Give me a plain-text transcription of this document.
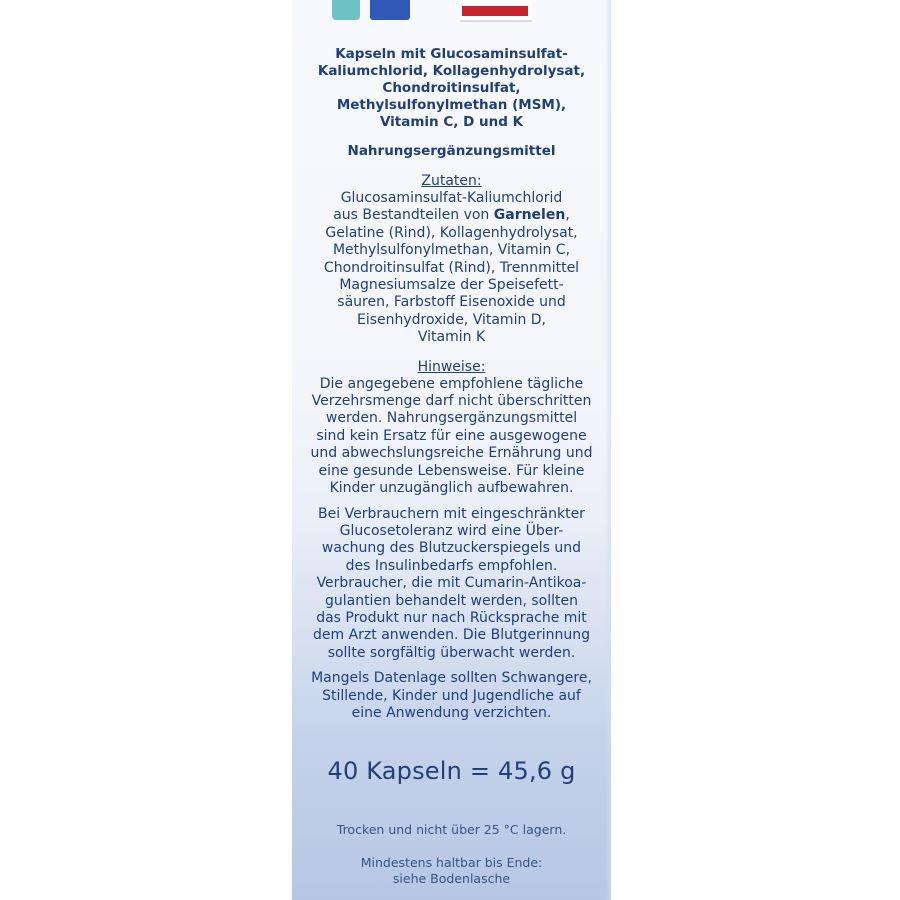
Kapseln mit Glucosaminsulfat-
Kaliumchlorid, Kollagenhydrolysat,
Chondroitinsulfat,
Methylsulfonylmethan (MSM),
Vitamin C, D und K
Nahrungsergänzungsmittel
Zutaten:
Glucosaminsulfat-Kaliumchlorid
aus Bestandteilen von Garnelen,
Gelatine (Rind), Kollagenhydrolysat,
Methylsulfonylmethan, Vitamin C,
Chondroitinsulfat (Rind), Trennmittel
Magnesiumsalze der Speisefett-
säuren, Farbstoff Eisenoxide und
Eisenhydroxide, Vitamin D,
Vitamin K
Hinweise:
Die angegebene empfohlene tägliche
Verzehrsmenge darf nicht überschritten
werden. Nahrungsergänzungsmittel
sind kein Ersatz für eine ausgewogene
und abwechslungsreiche Ernährung und
eine gesunde Lebensweise. Für kleine
Kinder unzugänglich aufbewahren.
Bei Verbrauchern mit eingeschränkter
Glucosetoleranz wird eine Über-
wachung des Blutzuckerspiegels und
des Insulinbedarfs empfohlen.
Verbraucher, die mit Cumarin-Antikoa-
gulantien behandelt werden, sollten
das Produkt nur nach Rücksprache mit
dem Arzt anwenden. Die Blutgerinnung
sollte sorgfältig überwacht werden.
Mangels Datenlage sollten Schwangere,
Stillende, Kinder und Jugendliche auf
eine Anwendung verzichten.
40 Kapseln = 45,6 g
Trocken und nicht über 25 °C lagern.
Mindestens haltbar bis Ende:
siehe Bodenlasche
